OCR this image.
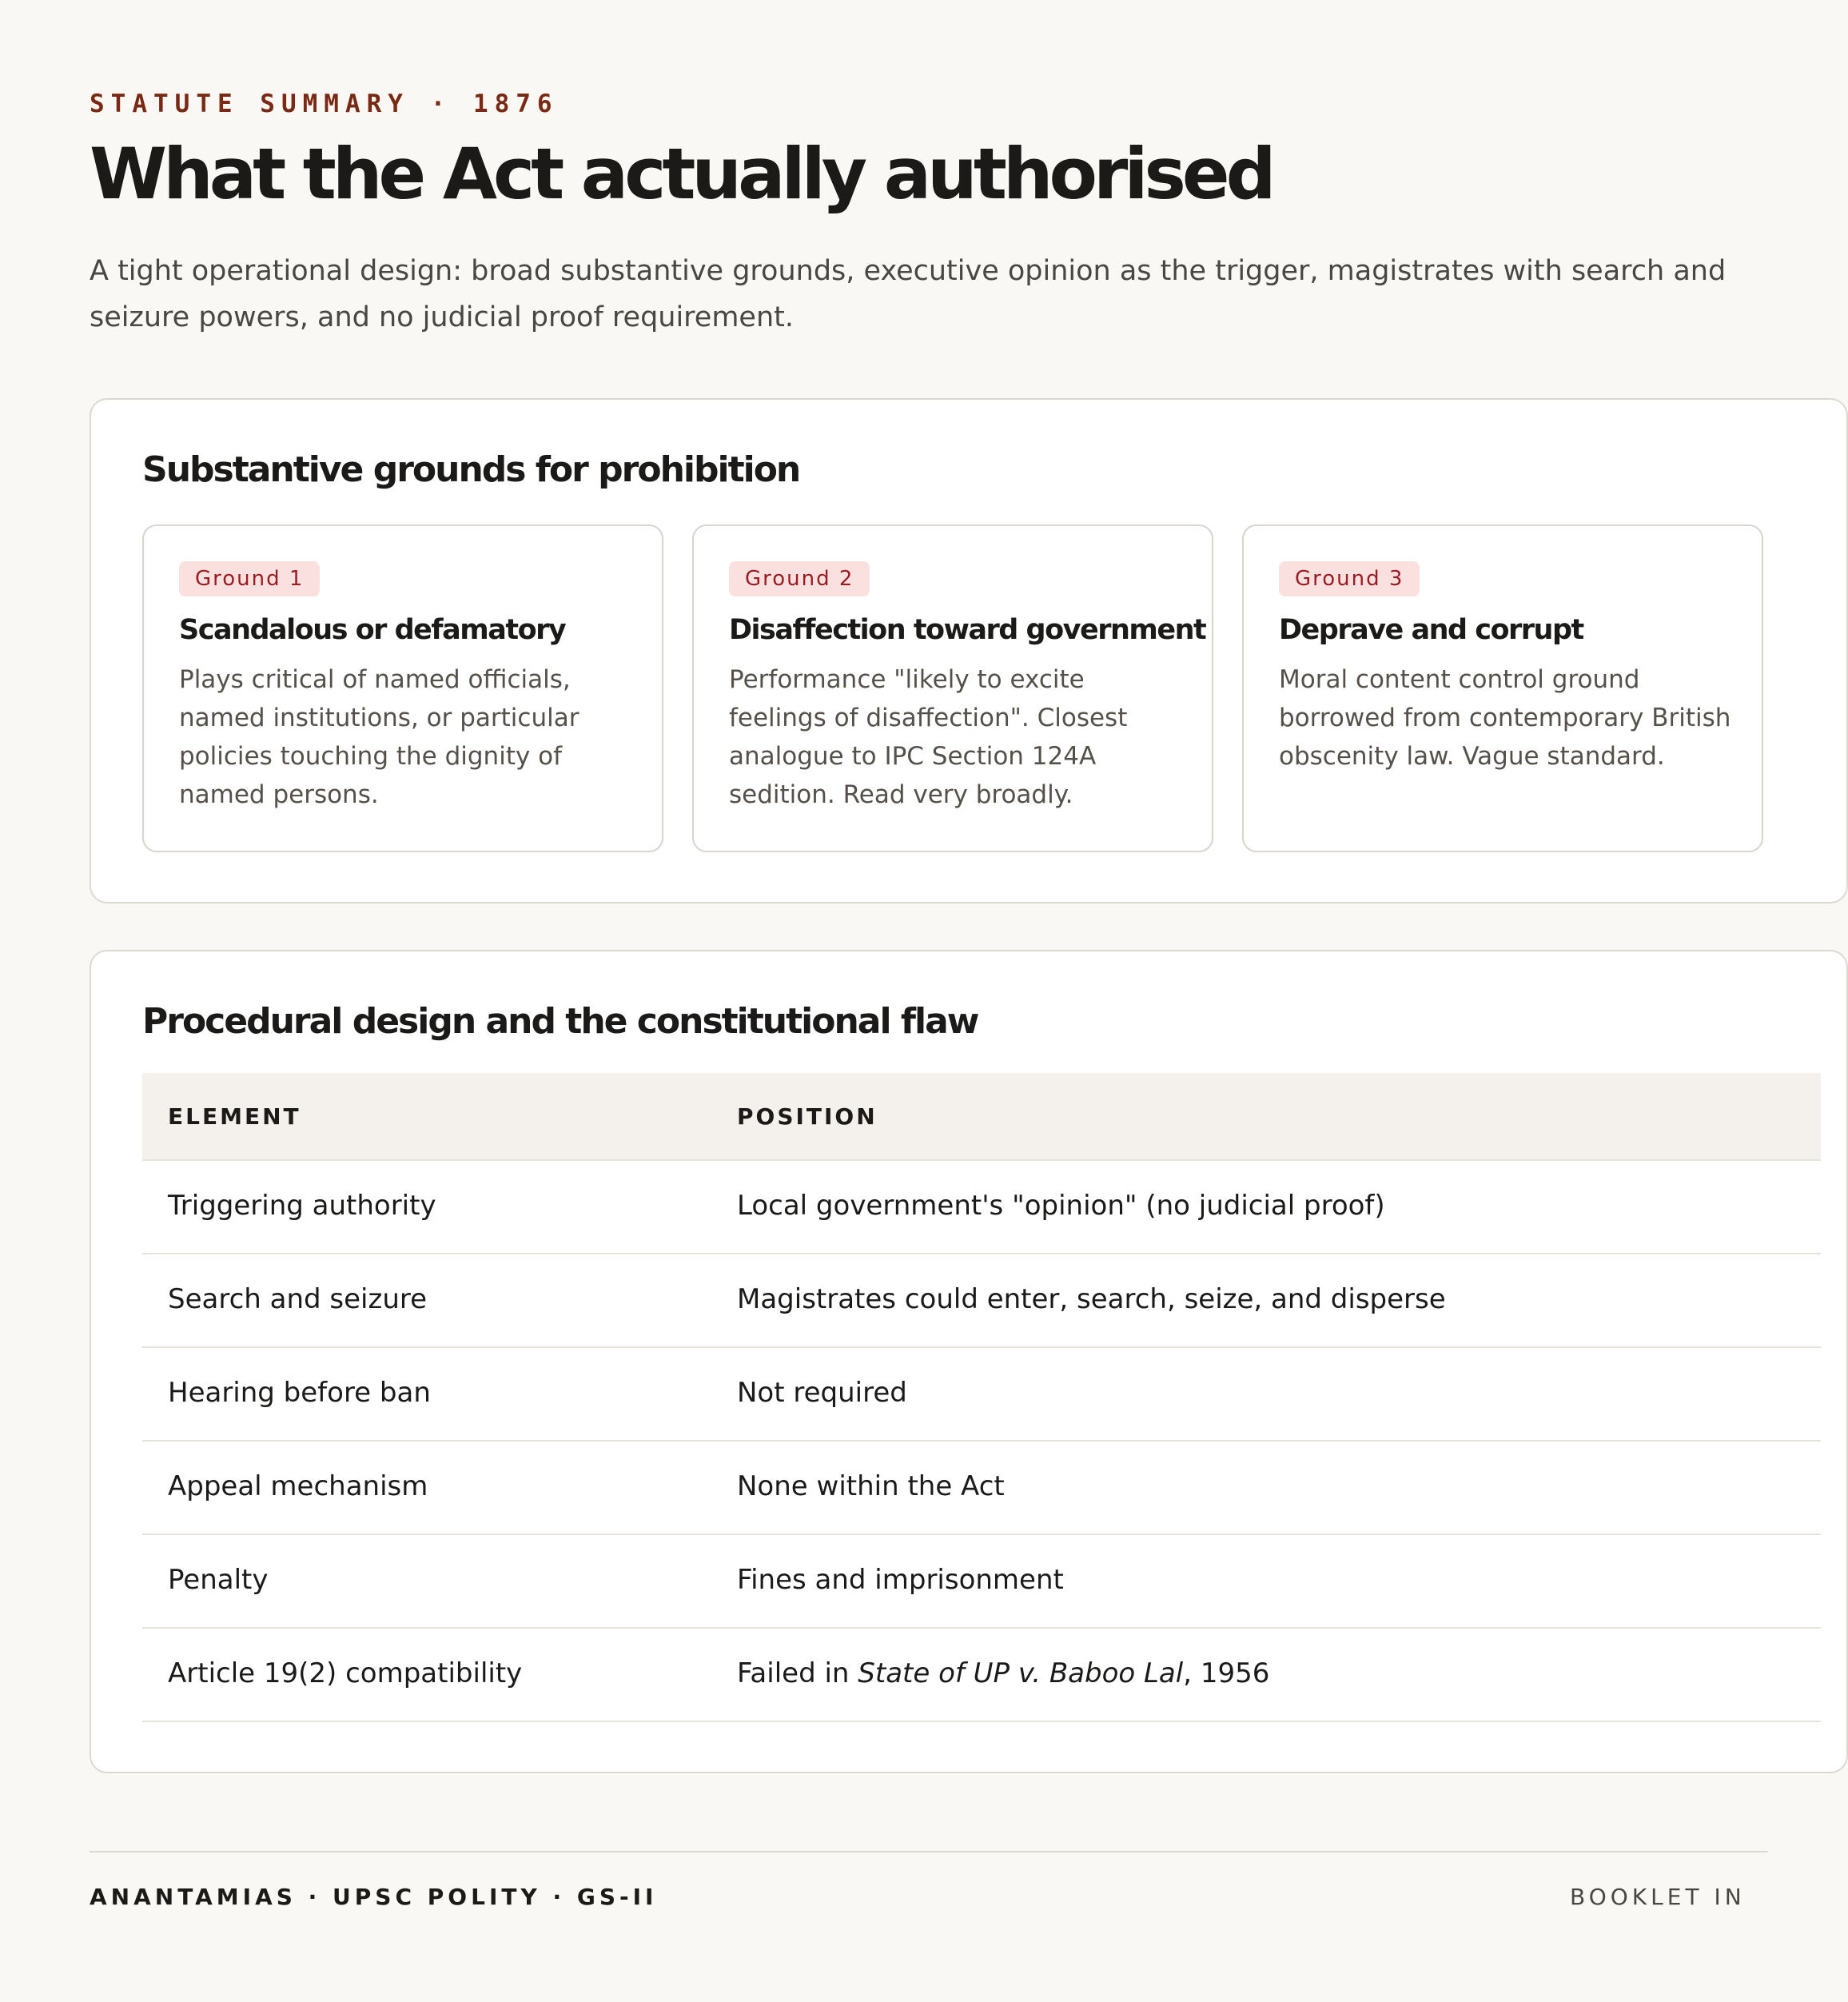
STATUTE SUMMARY · 1876
What the Act actually authorised

A tight operational design: broad substantive grounds, executive opinion as the trigger, magistrates with search and seizure powers, and no judicial proof requirement.

Substantive grounds for prohibition
Ground 1
Scandalous or defamatory

Plays critical of named officials, named institutions, or particular policies touching the dignity of named persons.

Ground 2
Disaffection toward government

Performance "likely to excite feelings of disaffection". Closest analogue to IPC Section 124A sedition. Read very broadly.

Ground 3
Deprave and corrupt

Moral content control ground borrowed from contemporary British obscenity law. Vague standard.

Procedural design and the constitutional flaw
ELEMENT	POSITION
Triggering authority	Local government's "opinion" (no judicial proof)
Search and seizure	Magistrates could enter, search, seize, and disperse
Hearing before ban	Not required
Appeal mechanism	None within the Act
Penalty	Fines and imprisonment
Article 19(2) compatibility	Failed in State of UP v. Baboo Lal, 1956
ANANTAMIAS · UPSC POLITY · GS-II	BOOKLET IN
